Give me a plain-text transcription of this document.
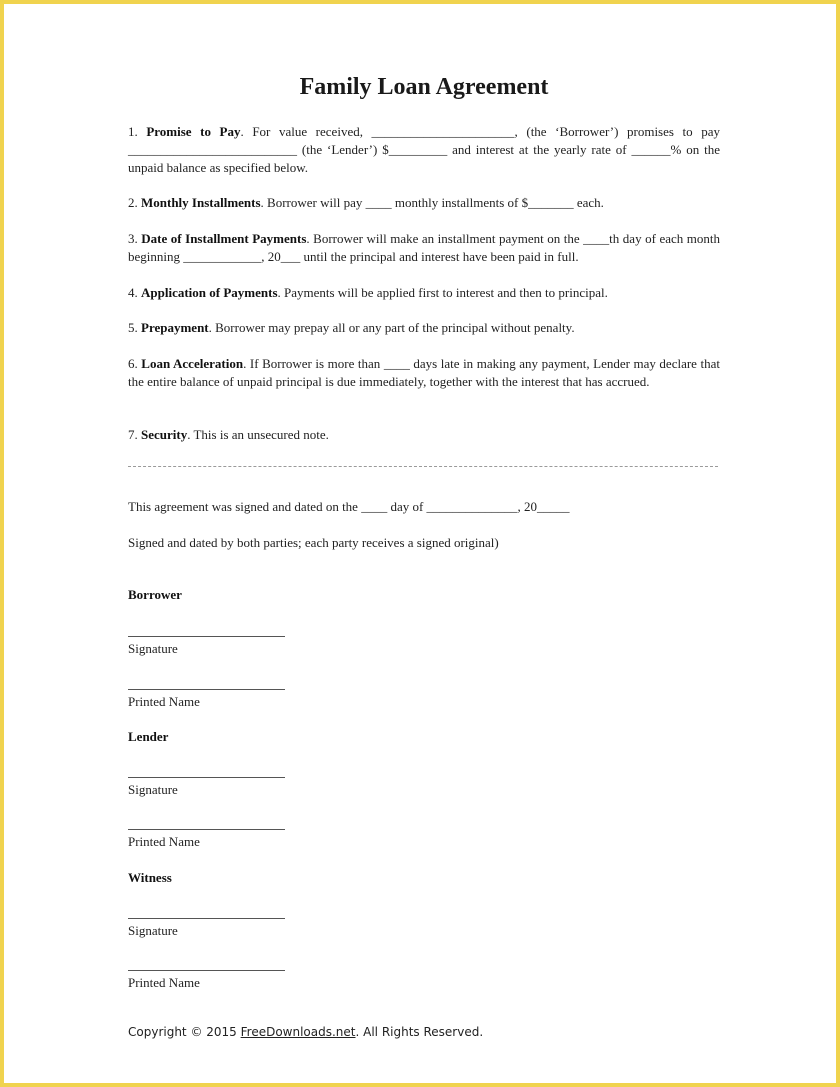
Family Loan Agreement
1. Promise to Pay. For value received, ______________________, (the ‘Borrower’) promises to pay __________________________ (the ‘Lender’) $_________ and interest at the yearly rate of ______% on the unpaid balance as specified below.
2. Monthly Installments. Borrower will pay ____ monthly installments of $_______ each.
3. Date of Installment Payments. Borrower will make an installment payment on the ____th day of each month beginning ____________, 20___ until the principal and interest have been paid in full.
4. Application of Payments. Payments will be applied first to interest and then to principal.
5. Prepayment. Borrower may prepay all or any part of the principal without penalty.
6. Loan Acceleration. If Borrower is more than ____ days late in making any payment, Lender may declare that the entire balance of unpaid principal is due immediately, together with the interest that has accrued.
7. Security. This is an unsecured note.
This agreement was signed and dated on the ____ day of ______________, 20_____
Signed and dated by both parties; each party receives a signed original)
Borrower
Signature
Printed Name
Lender
Signature
Printed Name
Witness
Signature
Printed Name
Copyright © 2015 FreeDownloads.net. All Rights Reserved.
